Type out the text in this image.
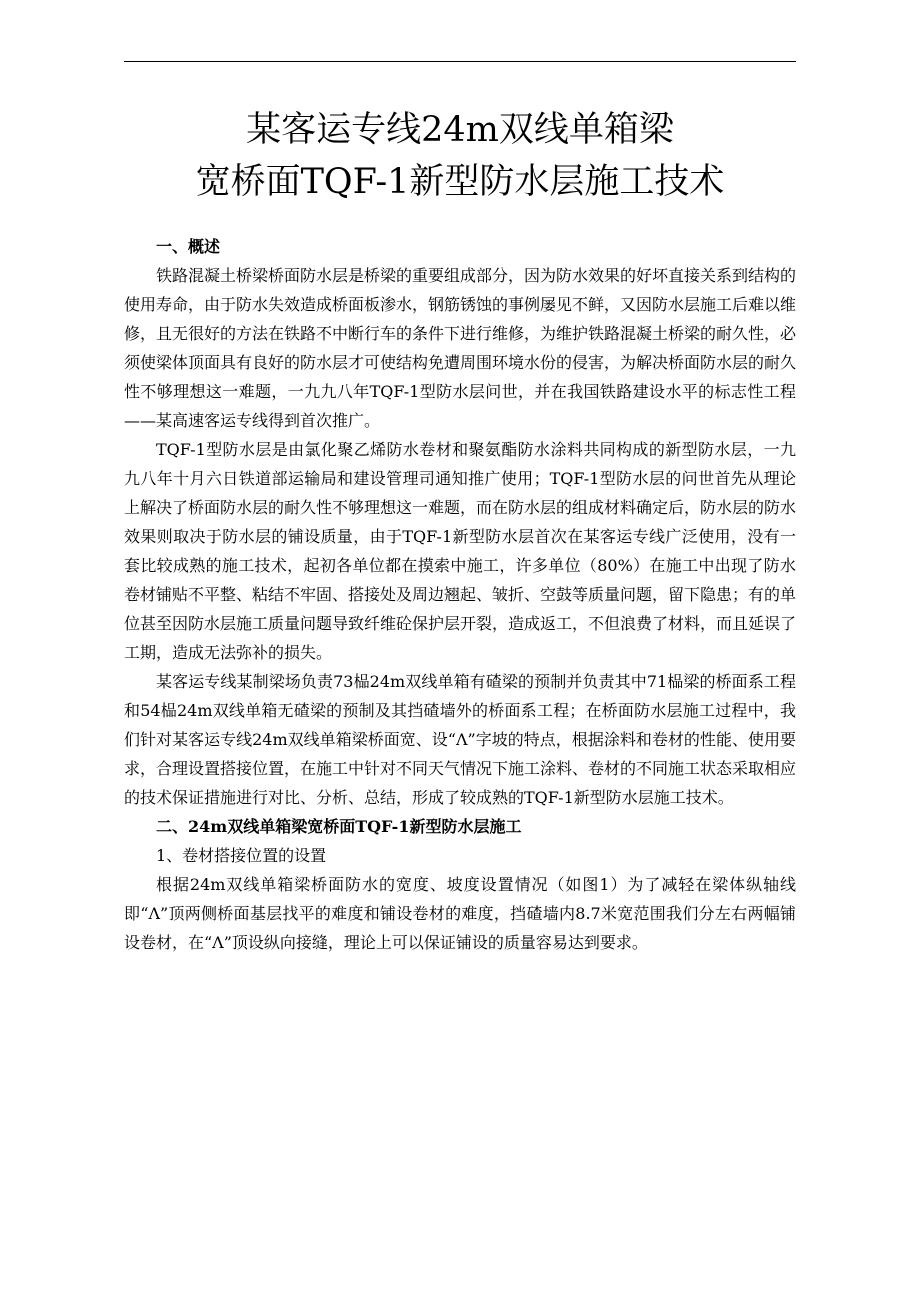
某客运专线24m双线单箱梁
宽桥面TQF-1新型防水层施工技术
一、概述

铁路混凝土桥梁桥面防水层是桥梁的重要组成部分，因为防水效果的好坏直接关系到结构的使用寿命，由于防水失效造成桥面板渗水，钢筋锈蚀的事例屡见不鲜，又因防水层施工后难以维修，且无很好的方法在铁路不中断行车的条件下进行维修，为维护铁路混凝土桥梁的耐久性，必须使梁体顶面具有良好的防水层才可使结构免遭周围环境水份的侵害，为解决桥面防水层的耐久性不够理想这一难题，一九九八年TQF-1型防水层问世，并在我国铁路建设水平的标志性工程——某高速客运专线得到首次推广。

TQF-1型防水层是由氯化聚乙烯防水卷材和聚氨酯防水涂料共同构成的新型防水层，一九九八年十月六日铁道部运输局和建设管理司通知推广使用；TQF-1型防水层的问世首先从理论上解决了桥面防水层的耐久性不够理想这一难题，而在防水层的组成材料确定后，防水层的防水效果则取决于防水层的铺设质量，由于TQF-1新型防水层首次在某客运专线广泛使用，没有一套比较成熟的施工技术，起初各单位都在摸索中施工，许多单位（80%）在施工中出现了防水卷材铺贴不平整、粘结不牢固、搭接处及周边翘起、皱折、空鼓等质量问题，留下隐患；有的单位甚至因防水层施工质量问题导致纤维砼保护层开裂，造成返工，不但浪费了材料，而且延误了工期，造成无法弥补的损失。

某客运专线某制梁场负责73榀24m双线单箱有碴梁的预制并负责其中71榀梁的桥面系工程和54榀24m双线单箱无碴梁的预制及其挡碴墙外的桥面系工程；在桥面防水层施工过程中，我们针对某客运专线24m双线单箱梁桥面宽、设“Λ”字坡的特点，根据涂料和卷材的性能、使用要求，合理设置搭接位置，在施工中针对不同天气情况下施工涂料、卷材的不同施工状态采取相应的技术保证措施进行对比、分析、总结，形成了较成熟的TQF-1新型防水层施工技术。

二、24m双线单箱梁宽桥面TQF-1新型防水层施工
1、卷材搭接位置的设置

根据24m双线单箱梁桥面防水的宽度、坡度设置情况（如图1）为了减轻在梁体纵轴线即“Λ”顶两侧桥面基层找平的难度和铺设卷材的难度，挡碴墙内8.7米宽范围我们分左右两幅铺设卷材，在“Λ”顶设纵向接缝，理论上可以保证铺设的质量容易达到要求。
